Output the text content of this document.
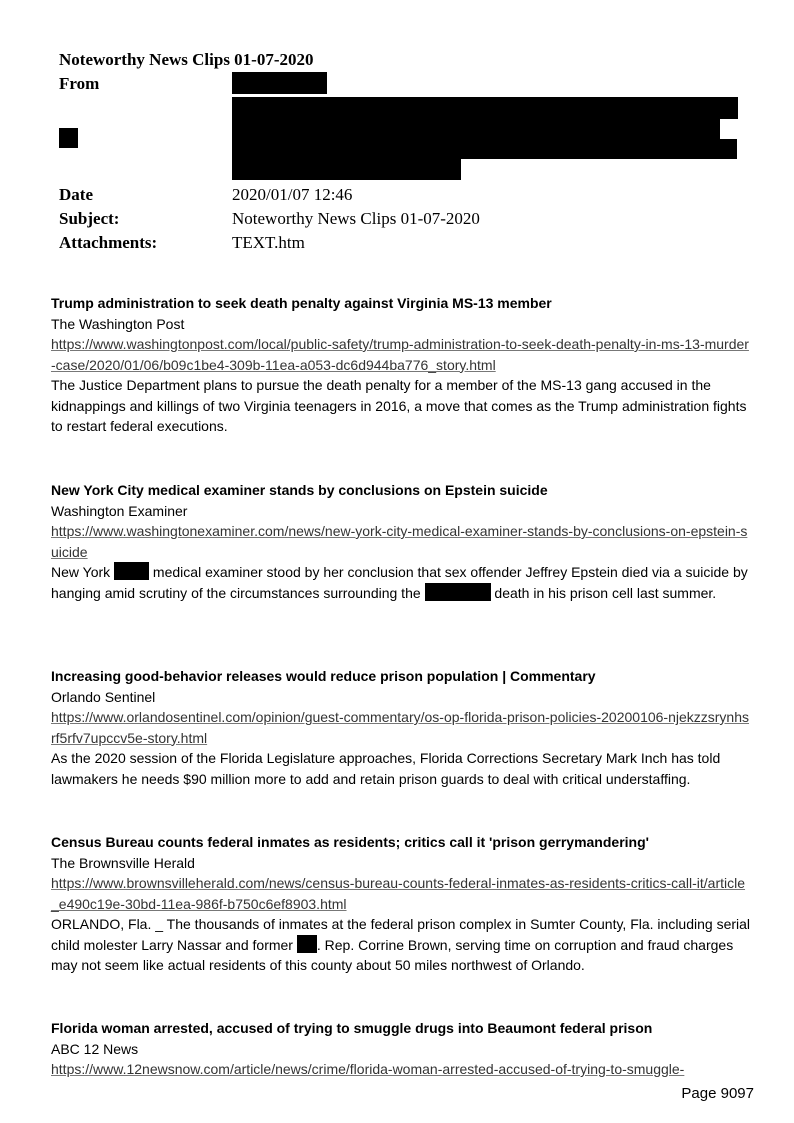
Noteworthy News Clips 01-07-2020
From
Date	2020/01/07 12:46
Subject:	Noteworthy News Clips 01-07-2020
Attachments:	TEXT.htm
Trump administration to seek death penalty against Virginia MS-13 member
The Washington Post
https://www.washingtonpost.com/local/public-safety/trump-administration-to-seek-death-penalty-in-ms-13-murder-case/2020/01/06/b09c1be4-309b-11ea-a053-dc6d944ba776_story.html
The Justice Department plans to pursue the death penalty for a member of the MS-13 gang accused in the kidnappings and killings of two Virginia teenagers in 2016, a move that comes as the Trump administration fights to restart federal executions.
New York City medical examiner stands by conclusions on Epstein suicide
Washington Examiner
https://www.washingtonexaminer.com/news/new-york-city-medical-examiner-stands-by-conclusions-on-epstein-suicide
New York	medical examiner stood by her conclusion that sex offender Jeffrey Epstein died via a suicide by hanging amid scrutiny of the circumstances surrounding the	death in his prison cell last summer.
Increasing good-behavior releases would reduce prison population | Commentary
Orlando Sentinel
https://www.orlandosentinel.com/opinion/guest-commentary/os-op-florida-prison-policies-20200106-njekzzsrynhsrf5rfv7upccv5e-story.html
As the 2020 session of the Florida Legislature approaches, Florida Corrections Secretary Mark Inch has told lawmakers he needs $90 million more to add and retain prison guards to deal with critical understaffing.
Census Bureau counts federal inmates as residents; critics call it 'prison gerrymandering'
The Brownsville Herald
https://www.brownsvilleherald.com/news/census-bureau-counts-federal-inmates-as-residents-critics-call-it/article_e490c19e-30bd-11ea-986f-b750c6ef8903.html
ORLANDO, Fla. _ The thousands of inmates at the federal prison complex in Sumter County, Fla. including serial child molester Larry Nassar and former . Rep. Corrine Brown, serving time on corruption and fraud charges may not seem like actual residents of this county about 50 miles northwest of Orlando.
Florida woman arrested, accused of trying to smuggle drugs into Beaumont federal prison
ABC 12 News
https://www.12newsnow.com/article/news/crime/florida-woman-arrested-accused-of-trying-to-smuggle-
Page 9097
